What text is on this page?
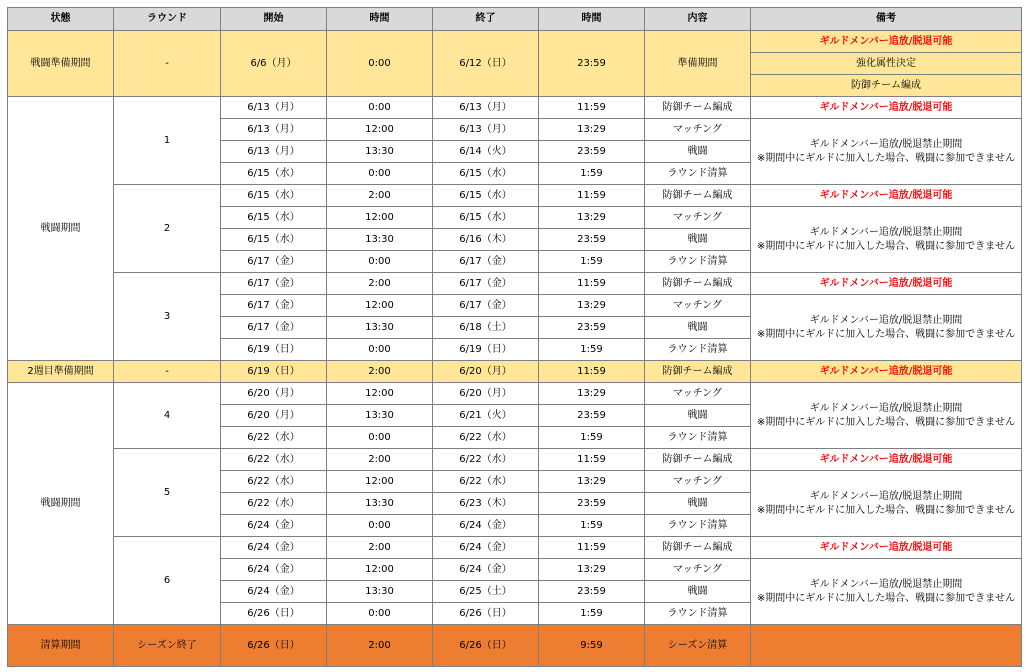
状態	ラウンド	開始	時間	終了	時間	内容	備考
戦闘準備期間	-	6/6（月）	0:00	6/12（日）	23:59	準備期間	ギルドメンバー追放/脱退可能
							強化属性決定
							防御チーム編成
戦闘期間	1	6/13（月）	0:00	6/13（月）	11:59	防御チーム編成	ギルドメンバー追放/脱退可能
		6/13（月）	12:00	6/13（月）	13:29	マッチング	ギルドメンバー追放/脱退禁止期間
※期間中にギルドに加入した場合、戦闘に参加できません

		6/13（月）	13:30	6/14（火）	23:59	戦闘	
		6/15（水）	0:00	6/15（水）	1:59	ラウンド清算	
	2	6/15（水）	2:00	6/15（水）	11:59	防御チーム編成	ギルドメンバー追放/脱退可能
		6/15（水）	12:00	6/15（水）	13:29	マッチング	ギルドメンバー追放/脱退禁止期間
※期間中にギルドに加入した場合、戦闘に参加できません

		6/15（水）	13:30	6/16（木）	23:59	戦闘	
		6/17（金）	0:00	6/17（金）	1:59	ラウンド清算	
	3	6/17（金）	2:00	6/17（金）	11:59	防御チーム編成	ギルドメンバー追放/脱退可能
		6/17（金）	12:00	6/17（金）	13:29	マッチング	ギルドメンバー追放/脱退禁止期間
※期間中にギルドに加入した場合、戦闘に参加できません

		6/17（金）	13:30	6/18（土）	23:59	戦闘	
		6/19（日）	0:00	6/19（日）	1:59	ラウンド清算	
2週目準備期間	-	6/19（日）	2:00	6/20（月）	11:59	防御チーム編成	ギルドメンバー追放/脱退可能
戦闘期間	4	6/20（月）	12:00	6/20（月）	13:29	マッチング	ギルドメンバー追放/脱退禁止期間
※期間中にギルドに加入した場合、戦闘に参加できません

		6/20（月）	13:30	6/21（火）	23:59	戦闘	
		6/22（水）	0:00	6/22（水）	1:59	ラウンド清算	
	5	6/22（水）	2:00	6/22（水）	11:59	防御チーム編成	ギルドメンバー追放/脱退可能
		6/22（水）	12:00	6/22（水）	13:29	マッチング	ギルドメンバー追放/脱退禁止期間
※期間中にギルドに加入した場合、戦闘に参加できません

		6/22（水）	13:30	6/23（木）	23:59	戦闘	
		6/24（金）	0:00	6/24（金）	1:59	ラウンド清算	
	6	6/24（金）	2:00	6/24（金）	11:59	防御チーム編成	ギルドメンバー追放/脱退可能
		6/24（金）	12:00	6/24（金）	13:29	マッチング	ギルドメンバー追放/脱退禁止期間
※期間中にギルドに加入した場合、戦闘に参加できません

		6/24（金）	13:30	6/25（土）	23:59	戦闘	
		6/26（日）	0:00	6/26（日）	1:59	ラウンド清算	
清算期間	シーズン終了	6/26（日）	2:00	6/26（日）	9:59	シーズン清算	
